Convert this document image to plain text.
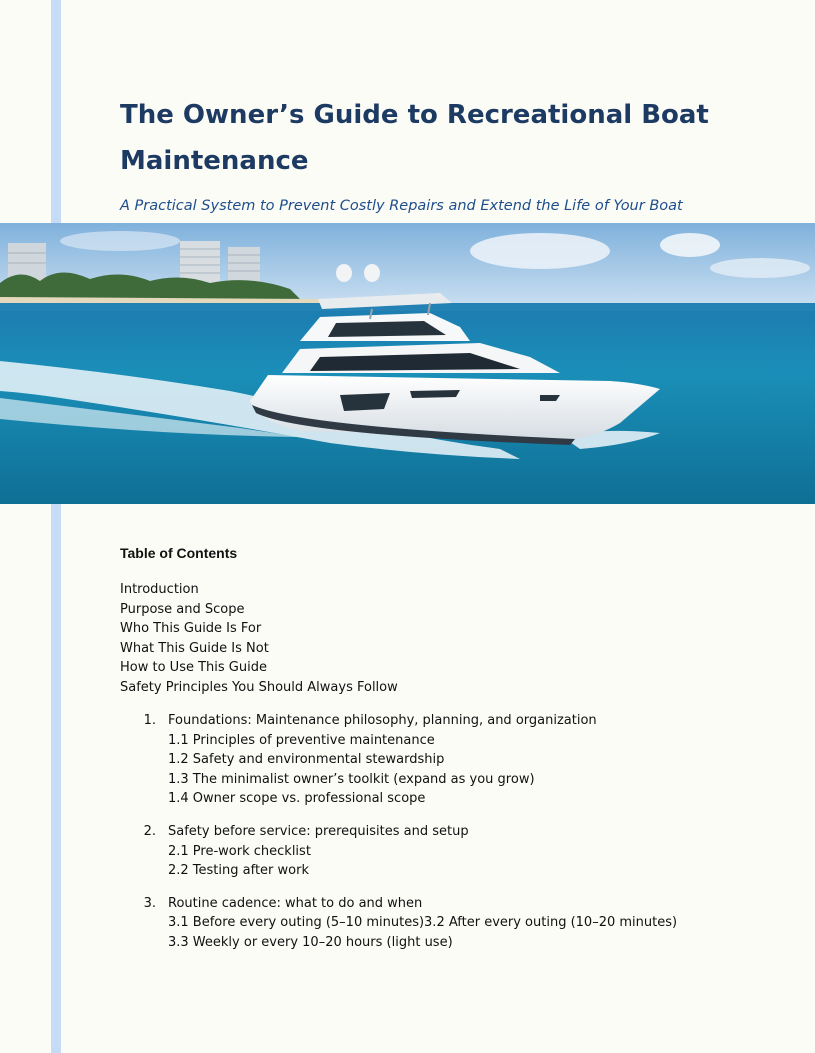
The Owner’s Guide to Recreational Boat Maintenance

A Practical System to Prevent Costly Repairs and Extend the Life of Your Boat

Table of Contents
Introduction
Purpose and Scope
Who This Guide Is For
What This Guide Is Not
How to Use This Guide
Safety Principles You Should Always Follow
1. Foundations: Maintenance philosophy, planning, and organization
1.1 Principles of preventive maintenance
1.2 Safety and environmental stewardship
1.3 The minimalist owner’s toolkit (expand as you grow)
1.4 Owner scope vs. professional scope
2. Safety before service: prerequisites and setup
2.1 Pre-work checklist
2.2 Testing after work
3. Routine cadence: what to do and when
3.1 Before every outing (5–10 minutes)3.2 After every outing (10–20 minutes)
3.3 Weekly or every 10–20 hours (light use)
